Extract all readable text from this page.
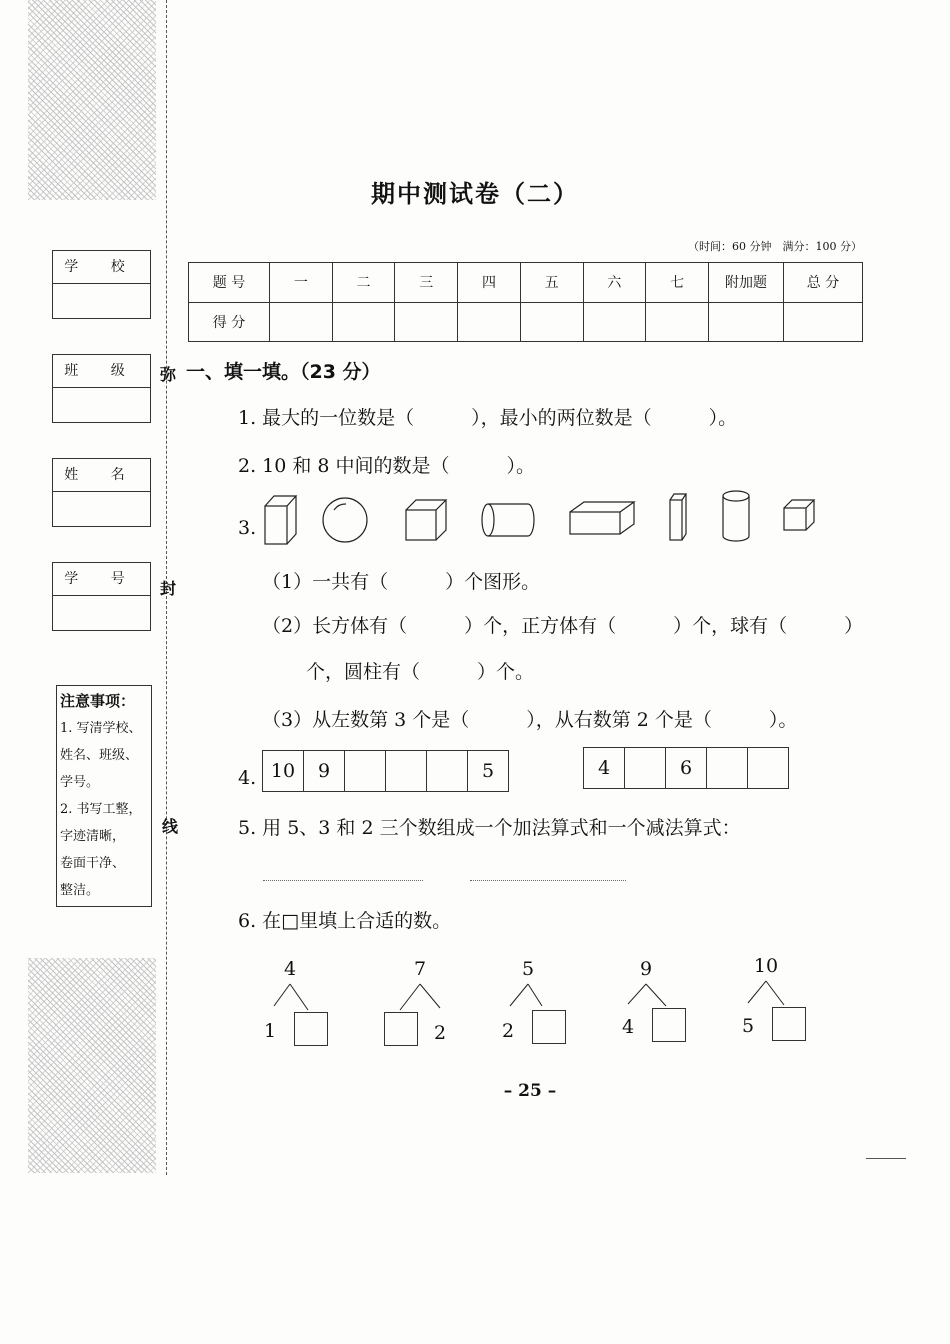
学 校
班 级
姓 名
学 号
注意事项：
1. 写清学校、
姓名、班级、
学号。
2. 书写工整，
字迹清晰，
卷面干净、
整洁。
弥
封
线
期中测试卷（二）
（时间：60 分钟　满分：100 分）
题 号	一	二	三	四	五	六	七	附加题	总 分
得 分									
一、填一填。（23 分）
1. 最大的一位数是（　　　），最小的两位数是（　　　）。
2. 10 和 8 中间的数是（　　　）。
3.
（1）一共有（　　　）个图形。
（2）长方体有（　　　）个，正方体有（　　　）个，球有（　　　）
个，圆柱有（　　　）个。
（3）从左数第 3 个是（　　　），从右数第 2 个是（　　　）。
4. 10	9	5	4	6
5. 用 5、3 和 2 三个数组成一个加法算式和一个减法算式：
6. 在□里填上合适的数。
4
1
7
2
5
2
9
4
10
5
– 25 –
